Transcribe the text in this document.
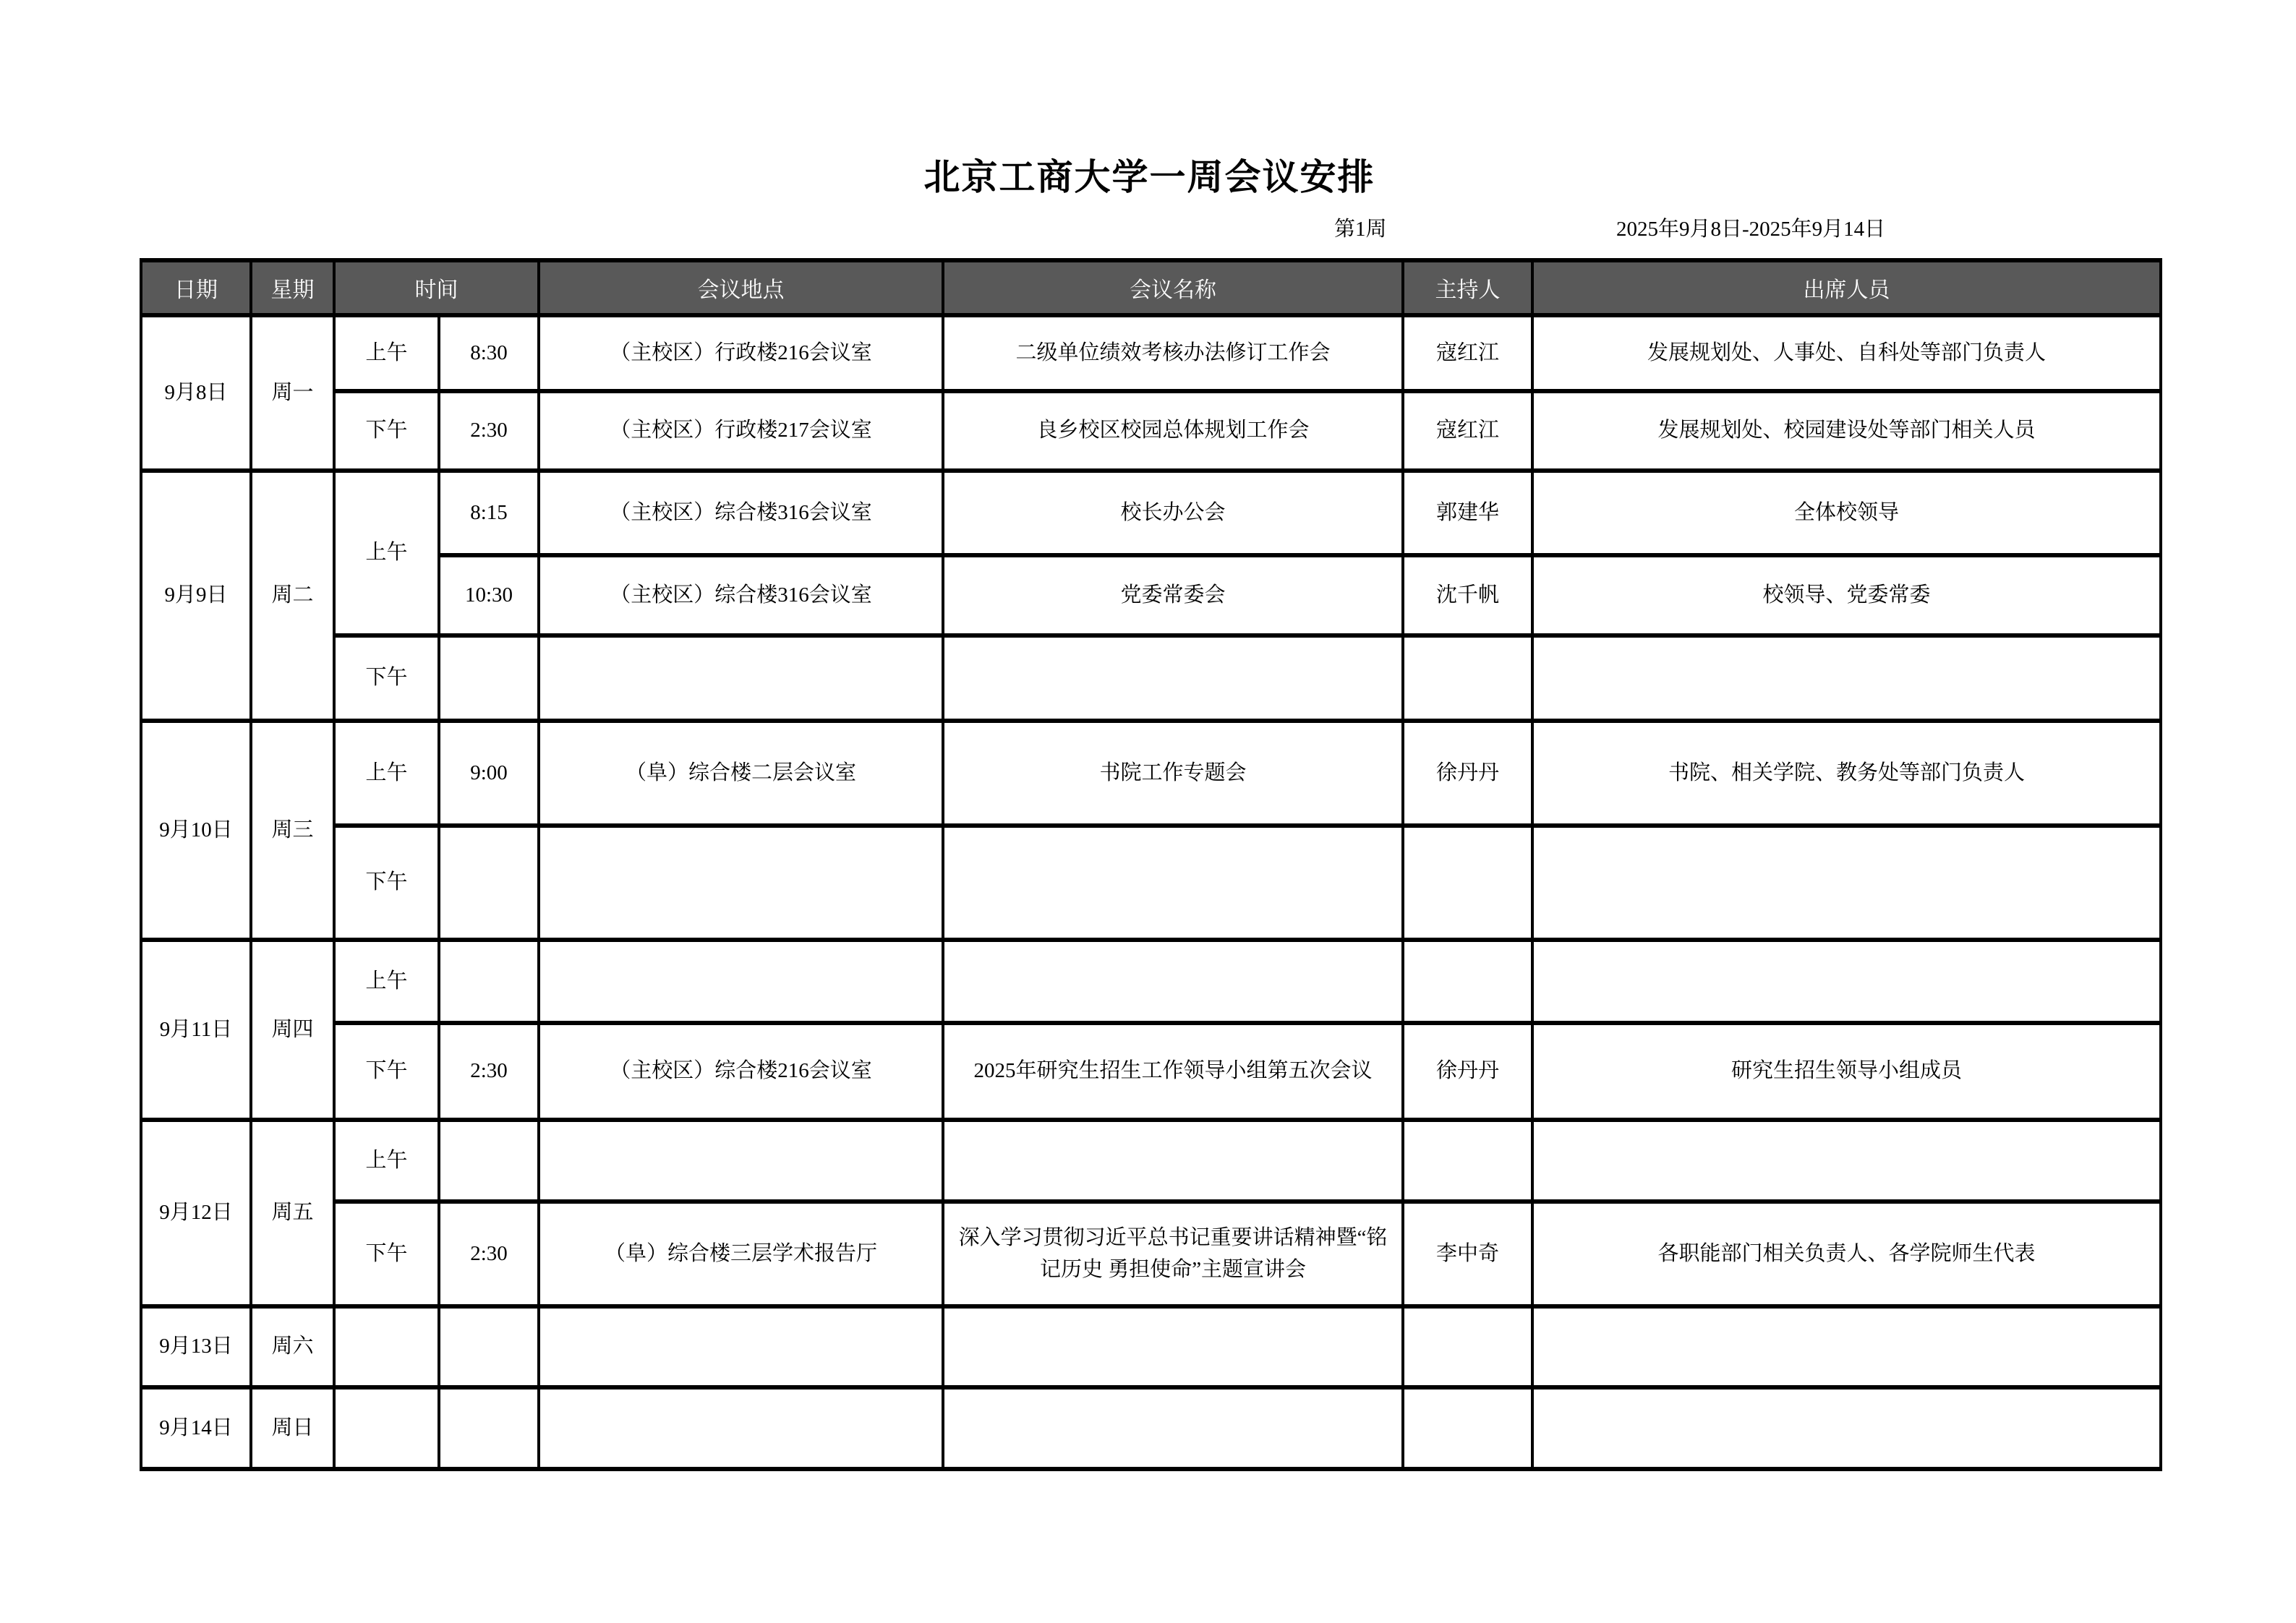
北京工商大学一周会议安排
第1周	2025年9月8日-2025年9月14日
日期	星期	时间		会议地点	会议名称	主持人	出席人员
9月8日	周一	上午	8:30	（主校区）行政楼216会议室	二级单位绩效考核办法修订工作会	寇红江	发展规划处、人事处、自科处等部门负责人
		下午	2:30	（主校区）行政楼217会议室	良乡校区校园总体规划工作会	寇红江	发展规划处、校园建设处等部门相关人员
9月9日	周二	上午	8:15	（主校区）综合楼316会议室	校长办公会	郭建华	全体校领导
			10:30	（主校区）综合楼316会议室	党委常委会	沈千帆	校领导、党委常委
		下午					
9月10日	周三	上午	9:00	（阜）综合楼二层会议室	书院工作专题会	徐丹丹	书院、相关学院、教务处等部门负责人
		下午					
9月11日	周四	上午					
		下午	2:30	（主校区）综合楼216会议室	2025年研究生招生工作领导小组第五次会议	徐丹丹	研究生招生领导小组成员
9月12日	周五	上午					
		下午	2:30	（阜）综合楼三层学术报告厅	深入学习贯彻习近平总书记重要讲话精神暨“铭记历史 勇担使命”主题宣讲会	李中奇	各职能部门相关负责人、各学院师生代表
9月13日	周六						
9月14日	周日						
